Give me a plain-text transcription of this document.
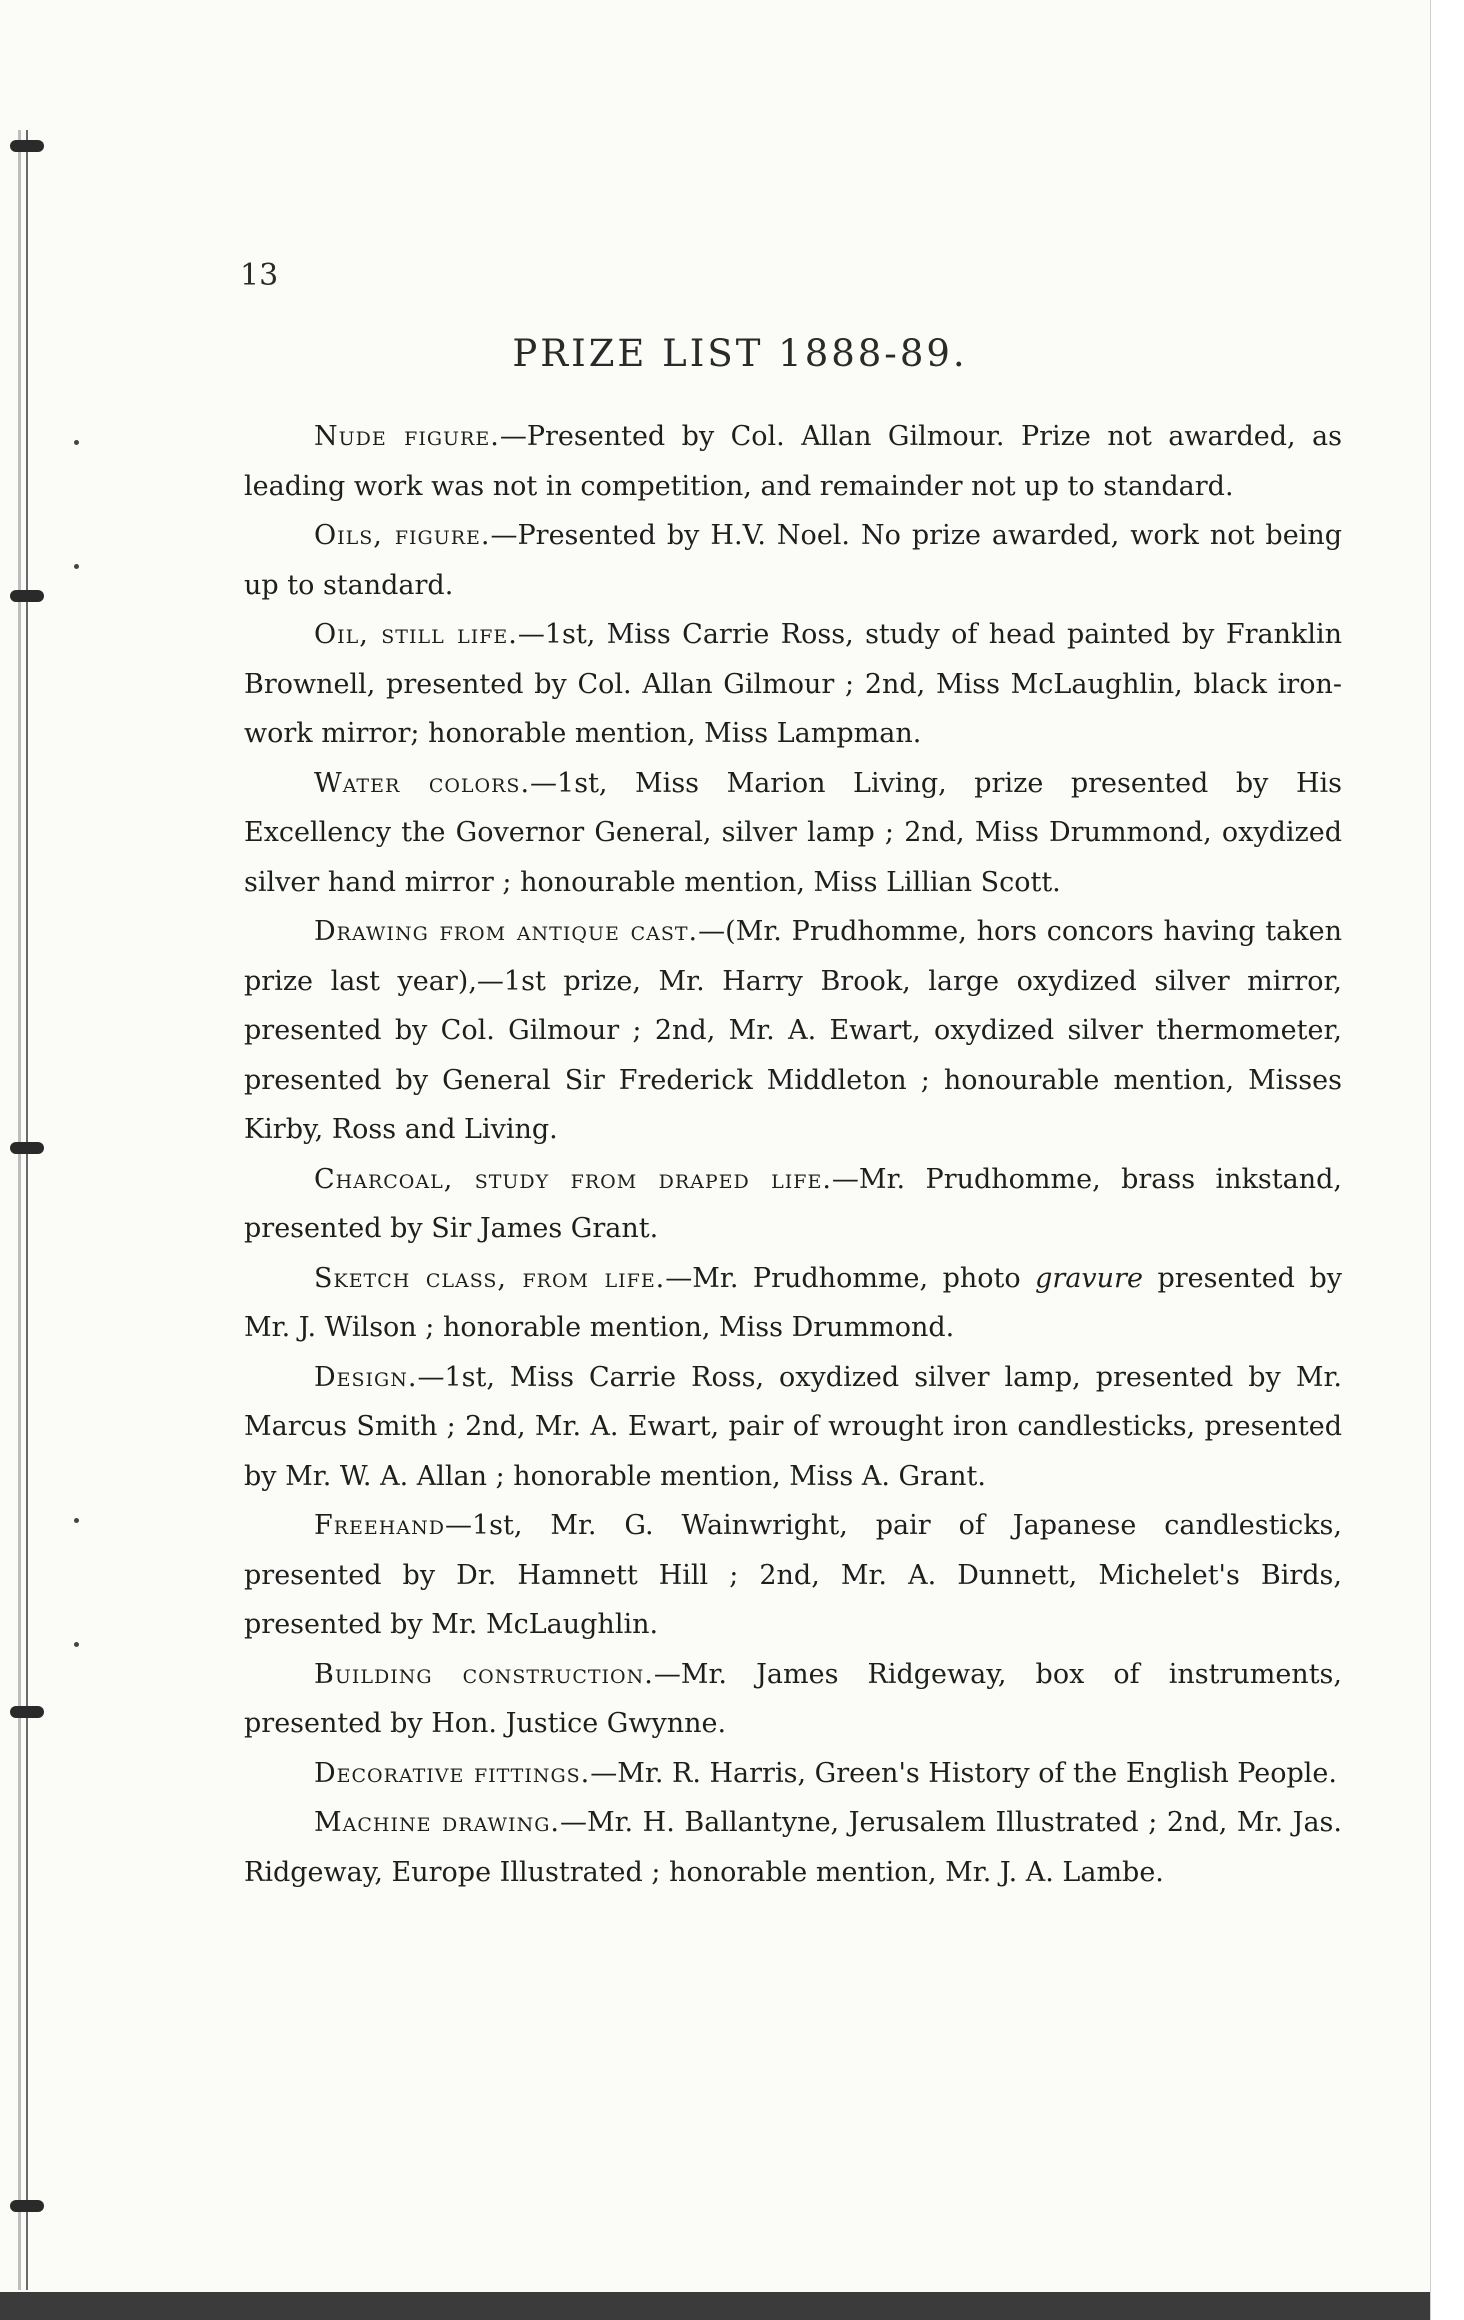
13
PRIZE LIST 1888-89.

Nude figure.—Presented by Col. Allan Gilmour. Prize not awarded, as leading work was not in competition, and remainder not up to standard.

Oils, figure.—Presented by H.V. Noel. No prize awarded, work not being up to standard.

Oil, still life.—1st, Miss Carrie Ross, study of head painted by Franklin Brownell, presented by Col. Allan Gilmour ; 2nd, Miss McLaughlin, black iron-work mirror; honorable mention, Miss Lampman.

Water colors.—1st, Miss Marion Living, prize presented by His Excellency the Governor General, silver lamp ; 2nd, Miss Drummond, oxydized silver hand mirror ; honourable mention, Miss Lillian Scott.

Drawing from antique cast.—(Mr. Prudhomme, hors concors having taken prize last year),—1st prize, Mr. Harry Brook, large oxydized silver mirror, presented by Col. Gilmour ; 2nd, Mr. A. Ewart, oxydized silver thermometer, presented by General Sir Frederick Middleton ; honourable mention, Misses Kirby, Ross and Living.

Charcoal, study from draped life.—Mr. Prudhomme, brass inkstand, presented by Sir James Grant.

Sketch class, from life.—Mr. Prudhomme, photo gravure presented by Mr. J. Wilson ; honorable mention, Miss Drummond.

Design.—1st, Miss Carrie Ross, oxydized silver lamp, presented by Mr. Marcus Smith ; 2nd, Mr. A. Ewart, pair of wrought iron candlesticks, presented by Mr. W. A. Allan ; honorable mention, Miss A. Grant.

Freehand—1st, Mr. G. Wainwright, pair of Japanese candlesticks, presented by Dr. Hamnett Hill ; 2nd, Mr. A. Dunnett, Michelet's Birds, presented by Mr. McLaughlin.

Building construction.—Mr. James Ridgeway, box of instruments, presented by Hon. Justice Gwynne.

Decorative fittings.—Mr. R. Harris, Green's History of the English People.

Machine drawing.—Mr. H. Ballantyne, Jerusalem Illustrated ; 2nd, Mr. Jas. Ridgeway, Europe Illustrated ; honorable mention, Mr. J. A. Lambe.
